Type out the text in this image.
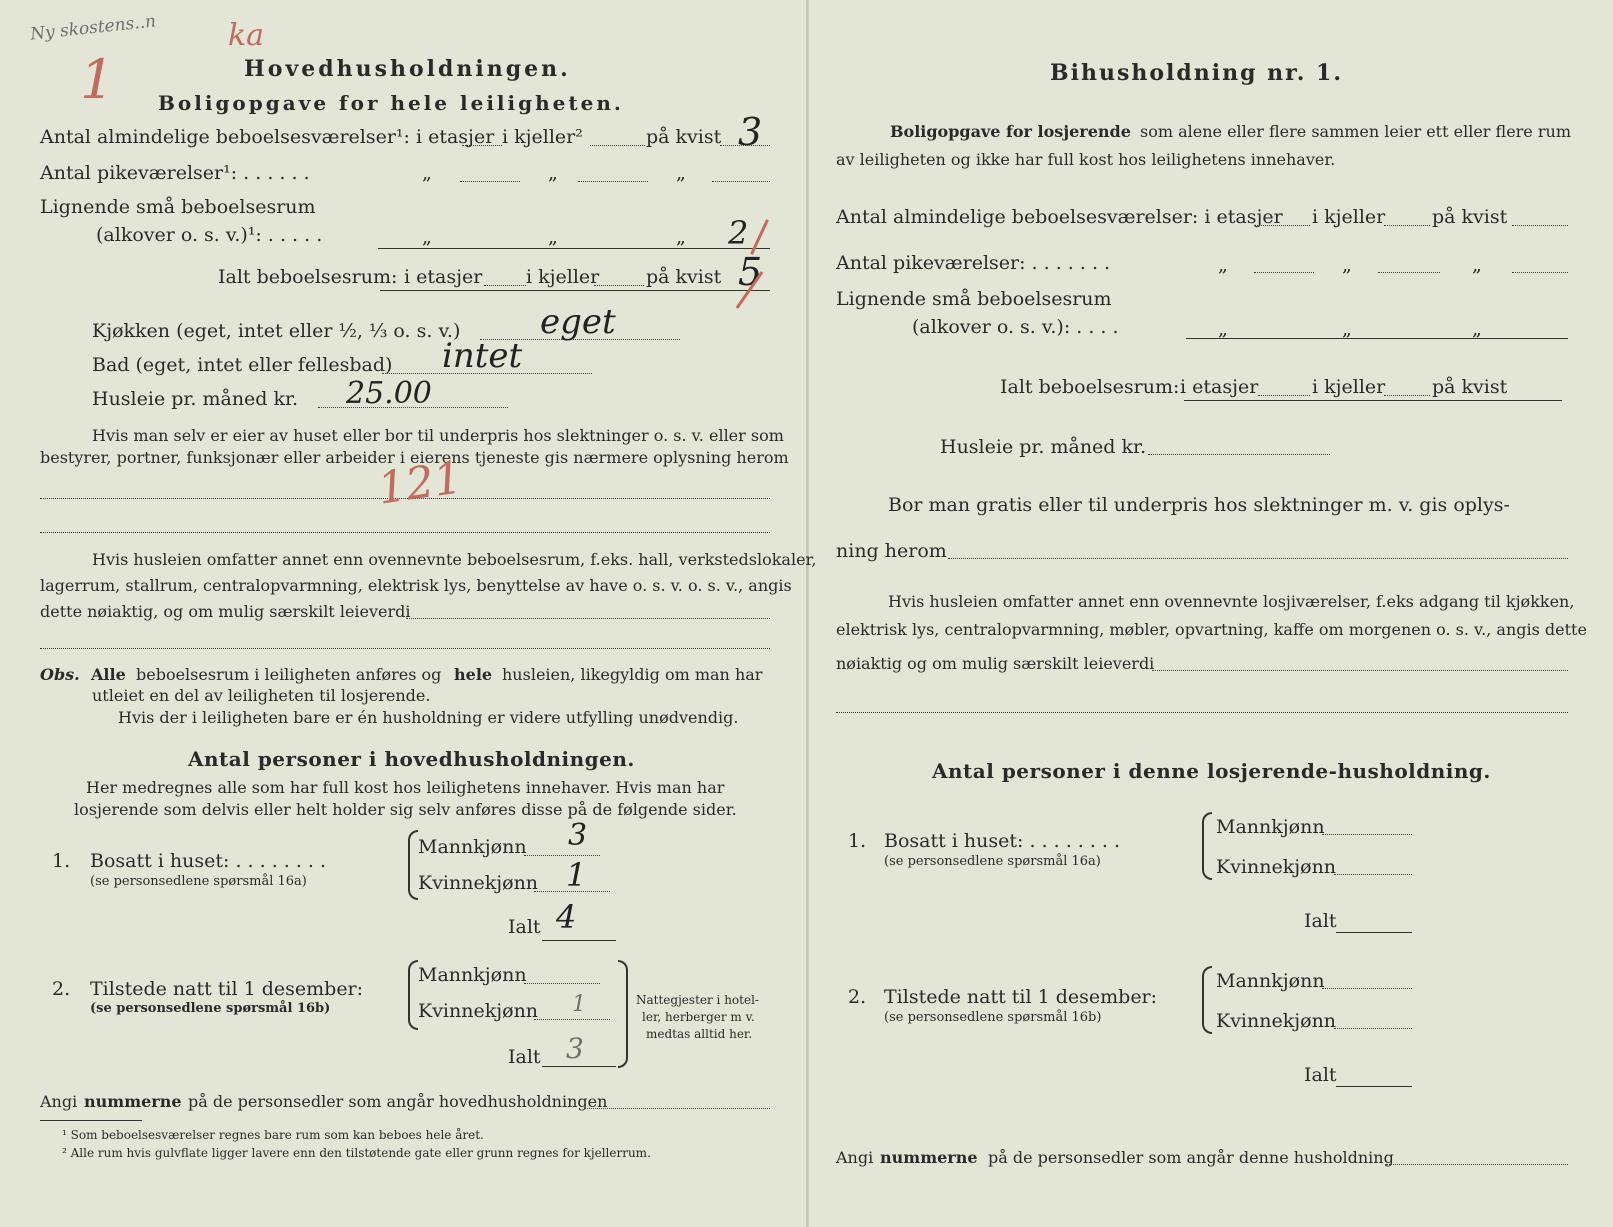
Ny skostens..n
1
ka
Hovedhusholdningen.
Boligopgave for hele leiligheten.
Antal almindelige beboelsesværelser¹: i etasjer i kjeller²	på kvist 3
Antal pikeværelser¹: . . . . . .	„	„	„
Lignende små beboelsesrum
(alkover o. s. v.)¹: . . . . .	„	„	„ 2
Ialt beboelsesrum: i etasjer i kjeller på kvist 5
Kjøkken (eget, intet eller ½, ⅓ o. s. v.) eget
Bad (eget, intet eller fellesbad) intet
Husleie pr. måned kr. 25.00
Hvis man selv er eier av huset eller bor til underpris hos slektninger o. s. v. eller som
bestyrer, portner, funksjonær eller arbeider i eierens tjeneste gis nærmere oplysning herom
121
Hvis husleien omfatter annet enn ovennevnte beboelsesrum, f.eks. hall, verkstedslokaler,
lagerrum, stallrum, centralopvarmning, elektrisk lys, benyttelse av have o. s. v. o. s. v., angis
dette nøiaktig, og om mulig særskilt leieverdi
Obs. Alle beboelsesrum i leiligheten anføres og hele husleien, likegyldig om man har
utleiet en del av leiligheten til losjerende.
Hvis der i leiligheten bare er én husholdning er videre utfylling unødvendig.
Antal personer i hovedhusholdningen.
Her medregnes alle som har full kost hos leilighetens innehaver. Hvis man har
losjerende som delvis eller helt holder sig selv anføres disse på de følgende sider.
1. Bosatt i huset: . . . . . . . .
(se personsedlene spørsmål 16a)
Mannkjønn 3
Kvinnekjønn 1
Ialt 4
2. Tilstede natt til 1 desember:
(se personsedlene spørsmål 16b)
Mannkjønn
Kvinnekjønn 1
Ialt 3
Nattegjester i hotel-
ler, herberger m v.
medtas alltid her.
Angi nummerne på de personsedler som angår hovedhusholdningen
¹ Som beboelsesværelser regnes bare rum som kan beboes hele året.
² Alle rum hvis gulvflate ligger lavere enn den tilstøtende gate eller grunn regnes for kjellerrum.
Bihusholdning nr. 1.
Boligopgave for losjerende som alene eller flere sammen leier ett eller flere rum
av leiligheten og ikke har full kost hos leilighetens innehaver.
Antal almindelige beboelsesværelser: i etasjer i kjeller på kvist
Antal pikeværelser: . . . . . . .	„	„	„
Lignende små beboelsesrum
(alkover o. s. v.): . . . .	„	„	„
Ialt beboelsesrum: i etasjer	i kjeller på kvist
Husleie pr. måned kr.
Bor man gratis eller til underpris hos slektninger m. v. gis oplys-
ning herom
Hvis husleien omfatter annet enn ovennevnte losjiværelser, f.eks adgang til kjøkken,
elektrisk lys, centralopvarmning, møbler, opvartning, kaffe om morgenen o. s. v., angis dette
nøiaktig og om mulig særskilt leieverdi
Antal personer i denne losjerende-husholdning.
1. Bosatt i huset: . . . . . . . .
(se personsedlene spørsmål 16a)
Mannkjønn
Kvinnekjønn
Ialt
2. Tilstede natt til 1 desember:
(se personsedlene spørsmål 16b)
Mannkjønn
Kvinnekjønn
Ialt
Angi nummerne på de personsedler som angår denne husholdning
